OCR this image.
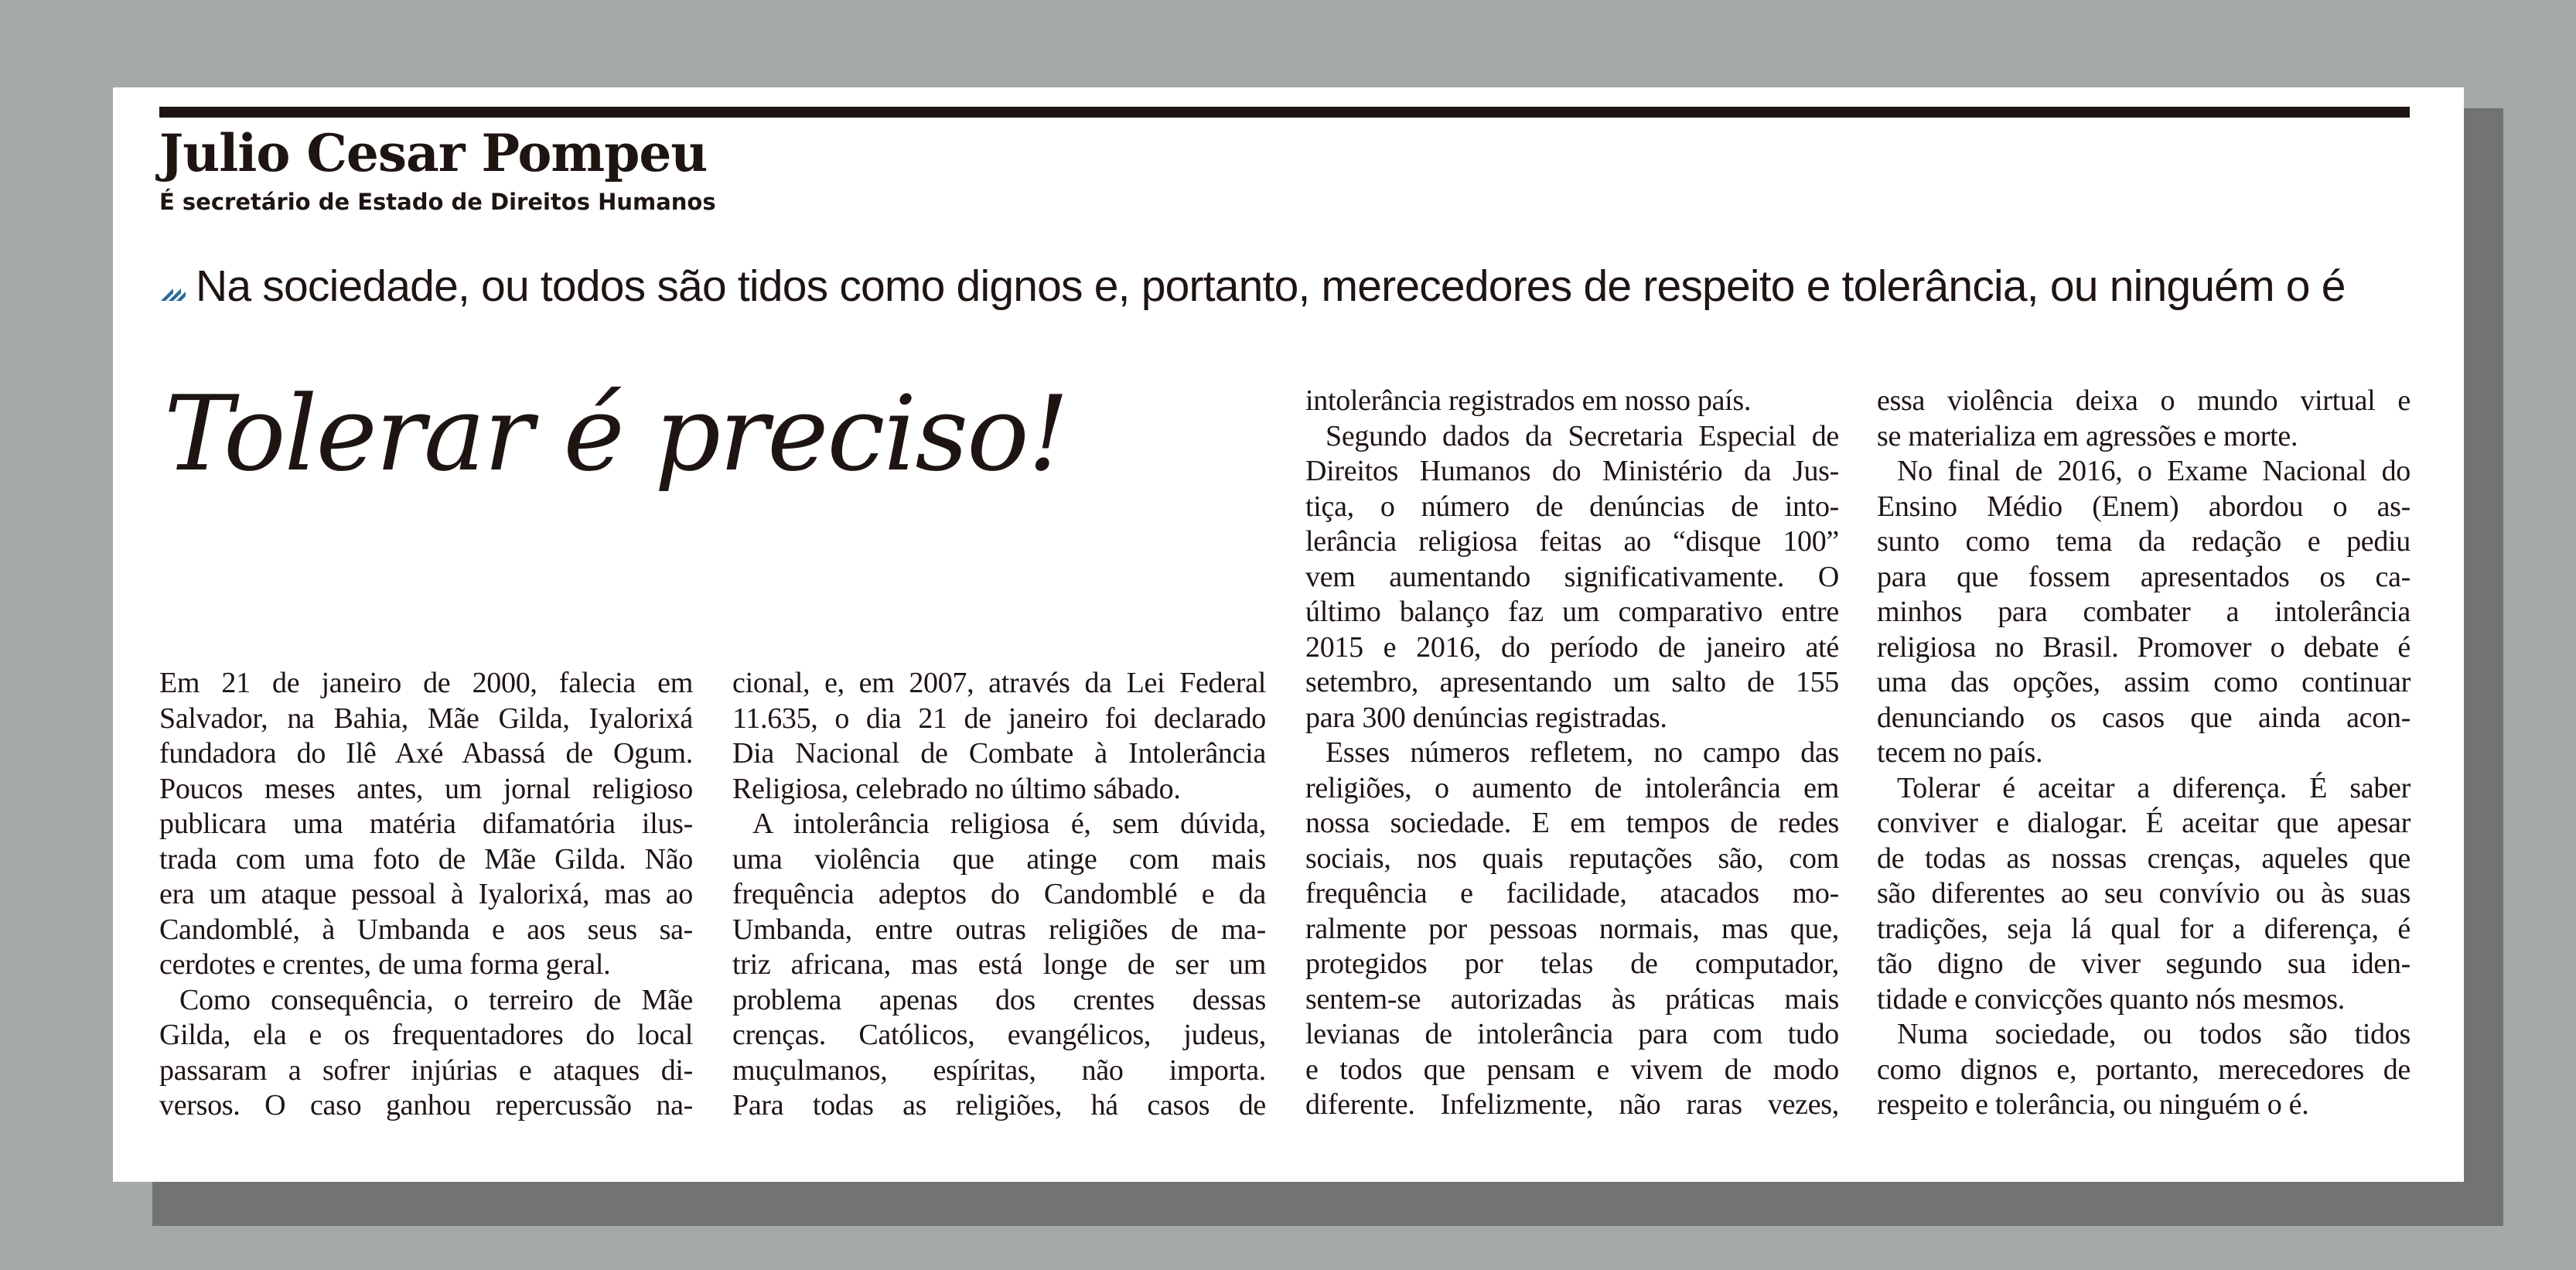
Julio Cesar Pompeu
É secretário de Estado de Direitos Humanos
Na sociedade, ou todos são tidos como dignos e, portanto, merecedores de respeito e tolerância, ou ninguém o é
Tolerar é preciso!
Em 21 de janeiro de 2000, falecia em
Salvador, na Bahia, Mãe Gilda, Iyalorixá
fundadora do Ilê Axé Abassá de Ogum.
Poucos meses antes, um jornal religioso
publicara uma matéria difamatória ilus-
trada com uma foto de Mãe Gilda. Não
era um ataque pessoal à Iyalorixá, mas ao
Candomblé, à Umbanda e aos seus sa-
cerdotes e crentes, de uma forma geral.
Como consequência, o terreiro de Mãe
Gilda, ela e os frequentadores do local
passaram a sofrer injúrias e ataques di-
versos. O caso ganhou repercussão na-
cional, e, em 2007, através da Lei Federal
11.635, o dia 21 de janeiro foi declarado
Dia Nacional de Combate à Intolerância
Religiosa, celebrado no último sábado.
A intolerância religiosa é, sem dúvida,
uma violência que atinge com mais
frequência adeptos do Candomblé e da
Umbanda, entre outras religiões de ma-
triz africana, mas está longe de ser um
problema apenas dos crentes dessas
crenças. Católicos, evangélicos, judeus,
muçulmanos, espíritas, não importa.
Para todas as religiões, há casos de
intolerância registrados em nosso país.
Segundo dados da Secretaria Especial de
Direitos Humanos do Ministério da Jus-
tiça, o número de denúncias de into-
lerância religiosa feitas ao “disque 100”
vem aumentando significativamente. O
último balanço faz um comparativo entre
2015 e 2016, do período de janeiro até
setembro, apresentando um salto de 155
para 300 denúncias registradas.
Esses números refletem, no campo das
religiões, o aumento de intolerância em
nossa sociedade. E em tempos de redes
sociais, nos quais reputações são, com
frequência e facilidade, atacados mo-
ralmente por pessoas normais, mas que,
protegidos por telas de computador,
sentem-se autorizadas às práticas mais
levianas de intolerância para com tudo
e todos que pensam e vivem de modo
diferente. Infelizmente, não raras vezes,
essa violência deixa o mundo virtual e
se materializa em agressões e morte.
No final de 2016, o Exame Nacional do
Ensino Médio (Enem) abordou o as-
sunto como tema da redação e pediu
para que fossem apresentados os ca-
minhos para combater a intolerância
religiosa no Brasil. Promover o debate é
uma das opções, assim como continuar
denunciando os casos que ainda acon-
tecem no país.
Tolerar é aceitar a diferença. É saber
conviver e dialogar. É aceitar que apesar
de todas as nossas crenças, aqueles que
são diferentes ao seu convívio ou às suas
tradições, seja lá qual for a diferença, é
tão digno de viver segundo sua iden-
tidade e convicções quanto nós mesmos.
Numa sociedade, ou todos são tidos
como dignos e, portanto, merecedores de
respeito e tolerância, ou ninguém o é.
